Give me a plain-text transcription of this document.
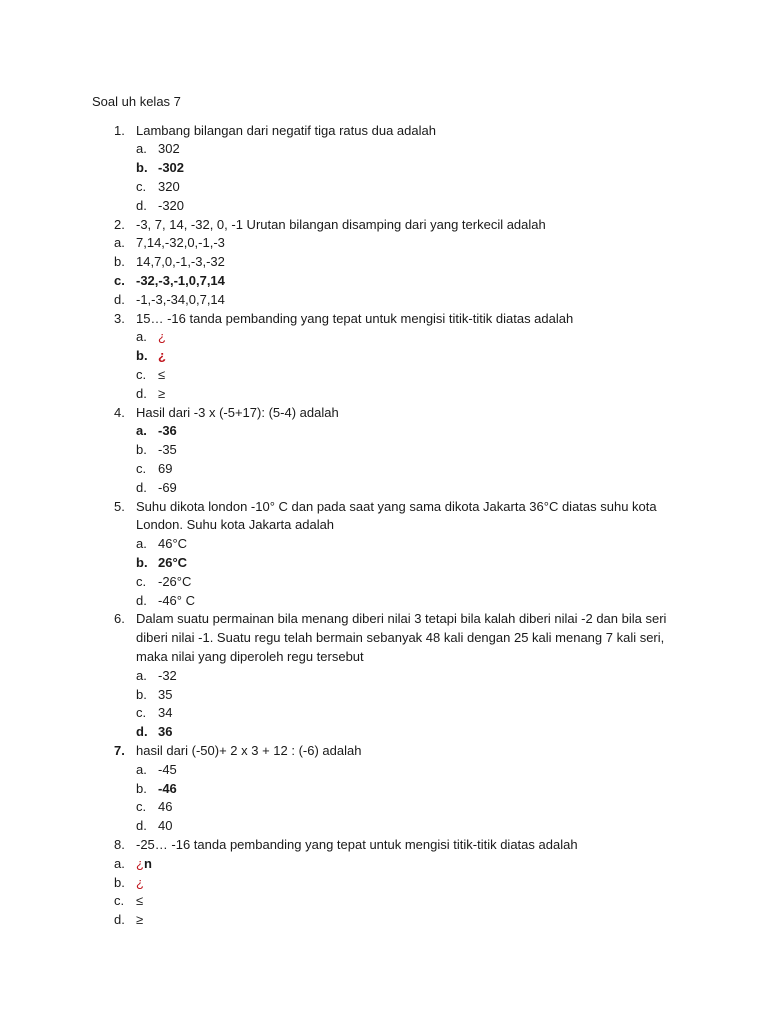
Soal uh kelas 7
1. Lambang bilangan dari negatif tiga ratus dua adalah
a. 302
b. -302
c. 320
d. -320
2. -3, 7, 14, -32, 0, -1 Urutan bilangan disamping dari yang terkecil adalah
a. 7,14,-32,0,-1,-3
b. 14,7,0,-1,-3,-32
c. -32,-3,-1,0,7,14
d. -1,-3,-34,0,7,14
3. 15… -16 tanda pembanding yang tepat untuk mengisi titik-titik diatas adalah
a. ¿
b. ¿
c. ≤
d. ≥
4. Hasil dari -3 x (-5+17): (5-4) adalah
a. -36
b. -35
c. 69
d. -69
5. Suhu dikota london -10° C dan pada saat yang sama dikota Jakarta 36°C diatas suhu kota
London. Suhu kota Jakarta adalah
a. 46°C
b. 26°C
c. -26°C
d. -46° C
6. Dalam suatu permainan bila menang diberi nilai 3 tetapi bila kalah diberi nilai -2 dan bila seri
diberi nilai -1. Suatu regu telah bermain sebanyak 48 kali dengan 25 kali menang 7 kali seri,
maka nilai yang diperoleh regu tersebut
a. -32
b. 35
c. 34
d. 36
7. hasil dari (-50)+ 2 x 3 + 12 : (-6) adalah
a. -45
b. -46
c. 46
d. 40
8. -25… -16 tanda pembanding yang tepat untuk mengisi titik-titik diatas adalah
a. ¿n
b. ¿
c. ≤
d. ≥
